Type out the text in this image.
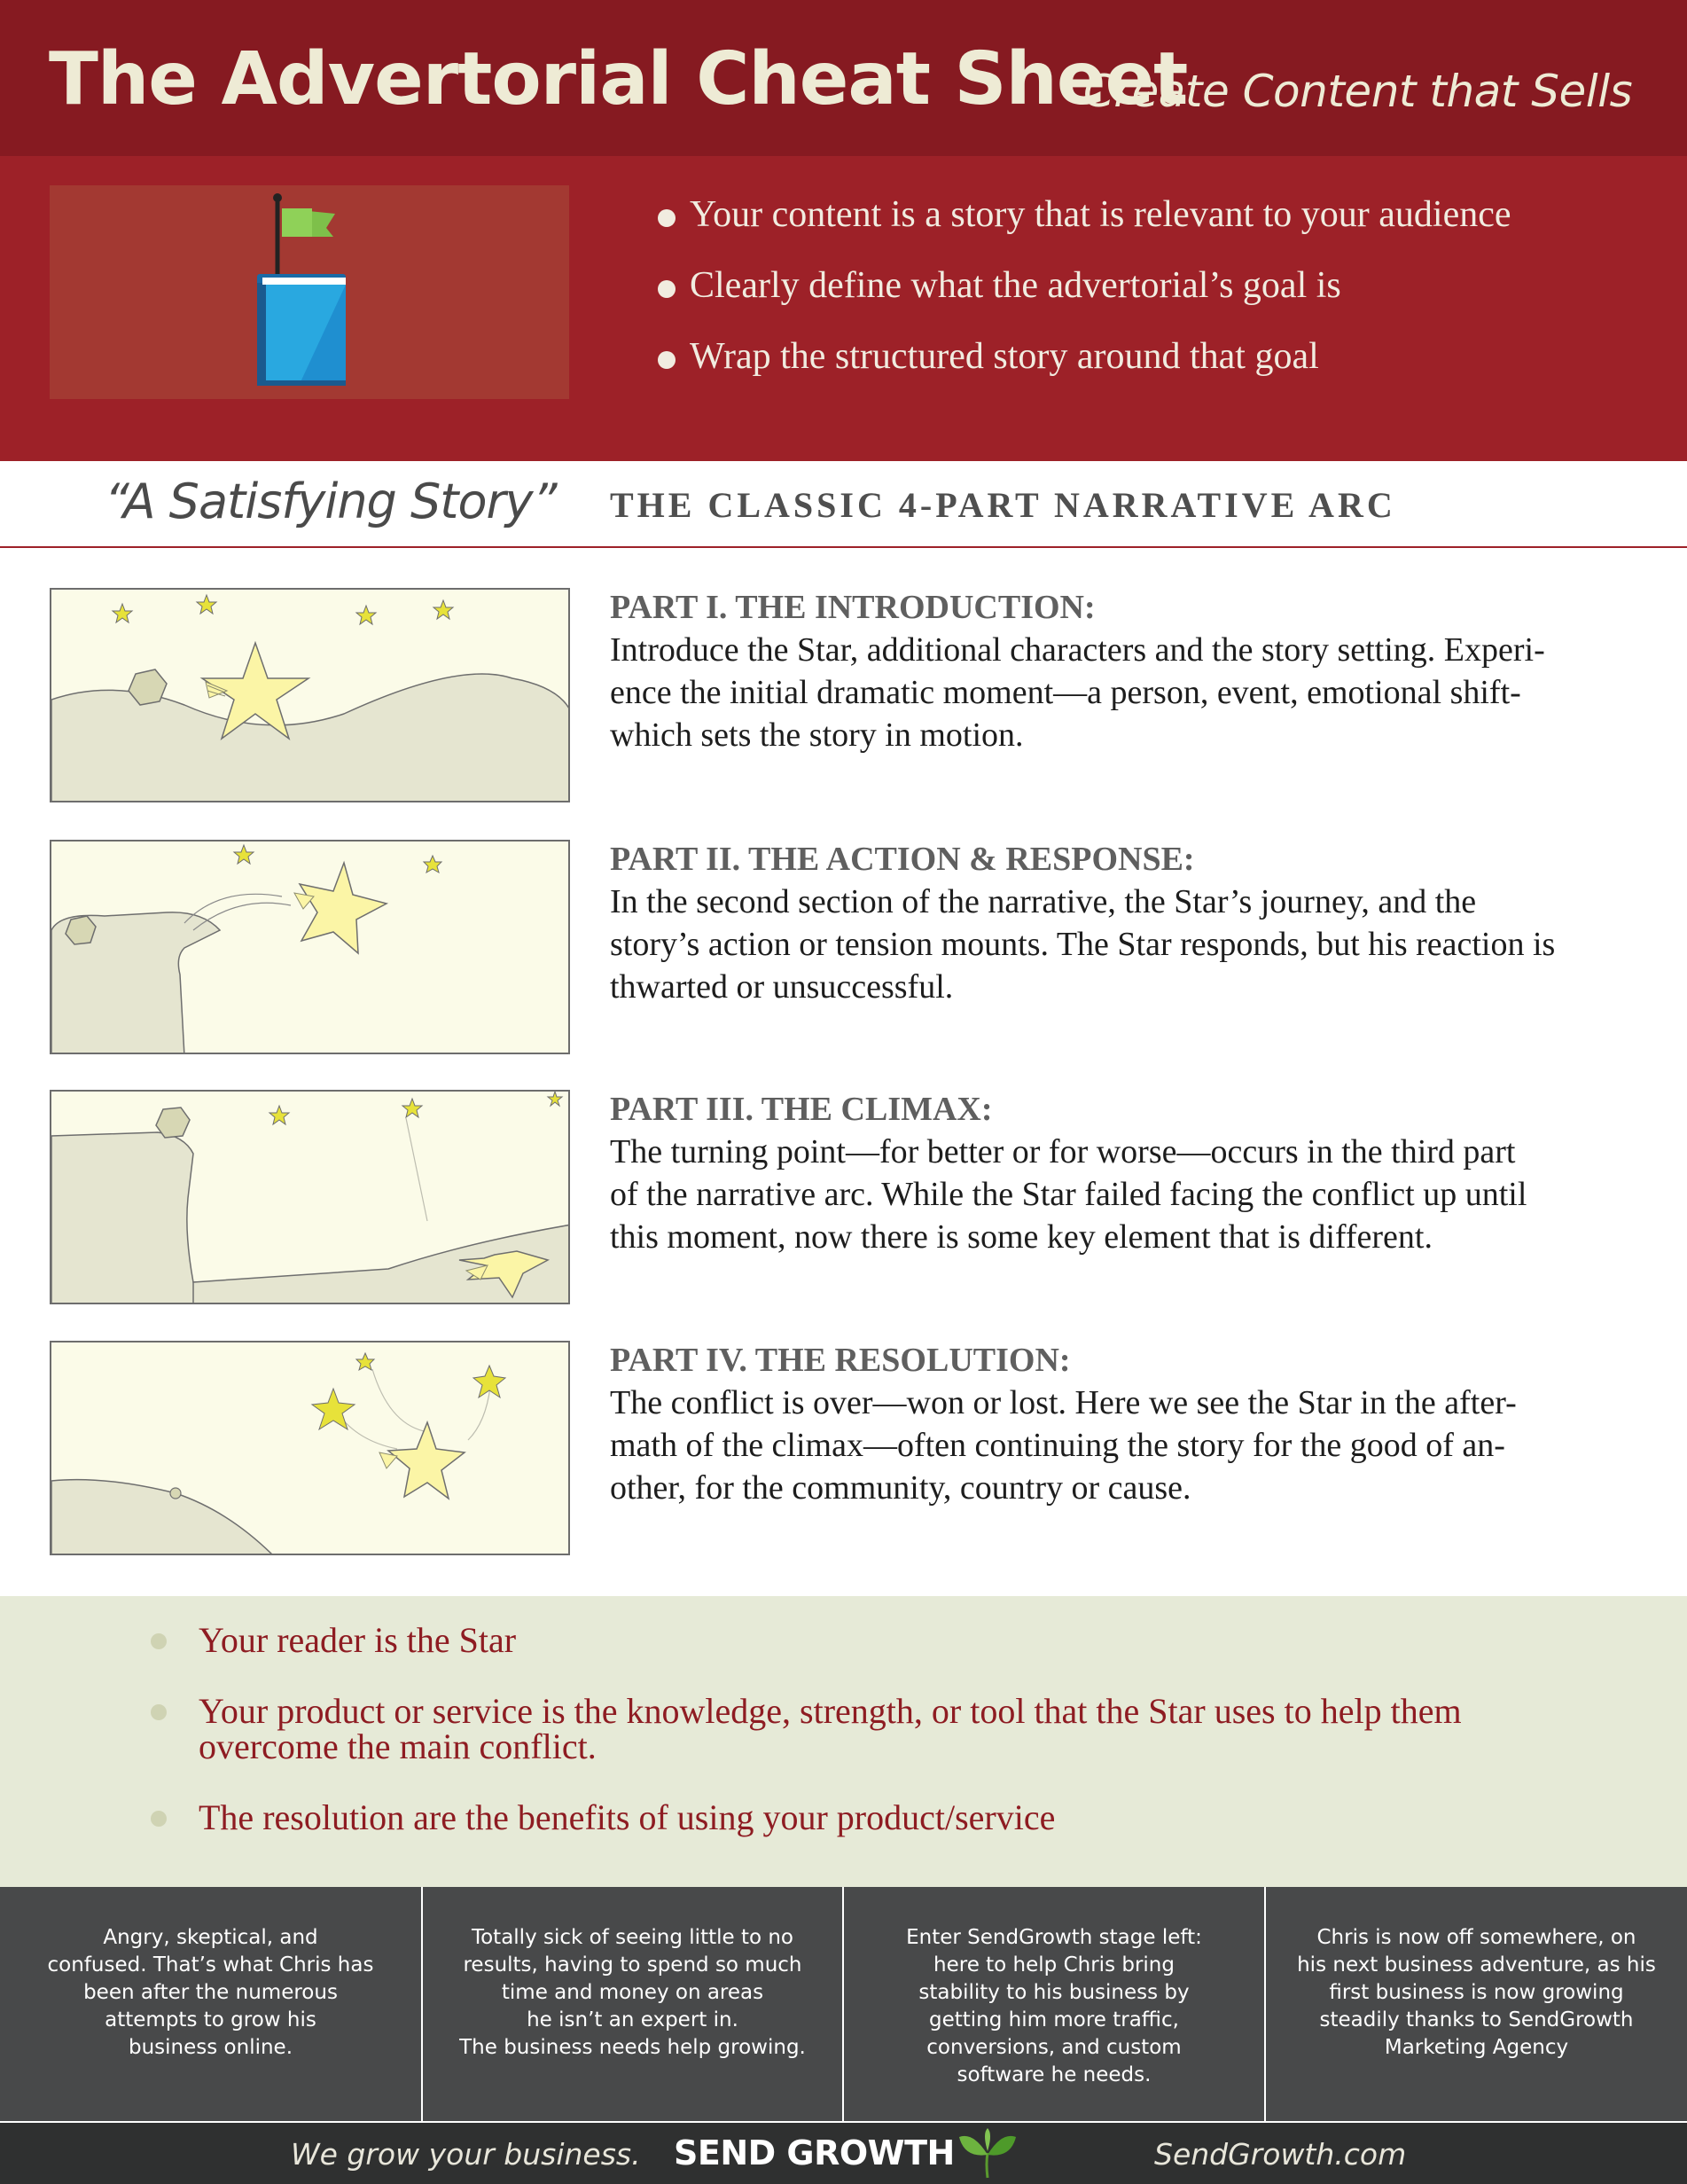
The Advertorial Cheat Sheet
Create Content that Sells
Your content is a story that is relevant to your audience
Clearly define what the advertorial’s goal is
Wrap the structured story around that goal
“A Satisfying Story” THE CLASSIC 4-PART NARRATIVE ARC
PART I. THE INTRODUCTION:
Introduce the Star, additional characters and the story setting. Experi-
ence the initial dramatic moment—a person, event, emotional shift-
which sets the story in motion.
PART II. THE ACTION & RESPONSE:
In the second section of the narrative, the Star’s journey, and the
story’s action or tension mounts. The Star responds, but his reaction is
thwarted or unsuccessful.
PART III. THE CLIMAX:
The turning point—for better or for worse—occurs in the third part
of the narrative arc. While the Star failed facing the conflict up until
this moment, now there is some key element that is different.
PART IV. THE RESOLUTION:
The conflict is over—won or lost. Here we see the Star in the after-
math of the climax—often continuing the story for the good of an-
other, for the community, country or cause.
Your reader is the Star
Your product or service is the knowledge, strength, or tool that the Star uses to help them
overcome the main conflict.
The resolution are the benefits of using your product/service
Angry, skeptical, and
confused. That’s what Chris has
been after the numerous
attempts to grow his
business online.
Totally sick of seeing little to no
results, having to spend so much
time and money on areas
he isn’t an expert in.
The business needs help growing.
Enter SendGrowth stage left:
here to help Chris bring
stability to his business by
getting him more traffic,
conversions, and custom
software he needs.
Chris is now off somewhere, on
his next business adventure, as his
first business is now growing
steadily thanks to SendGrowth
Marketing Agency
We grow your business. SEND GROWTH	SendGrowth.com
